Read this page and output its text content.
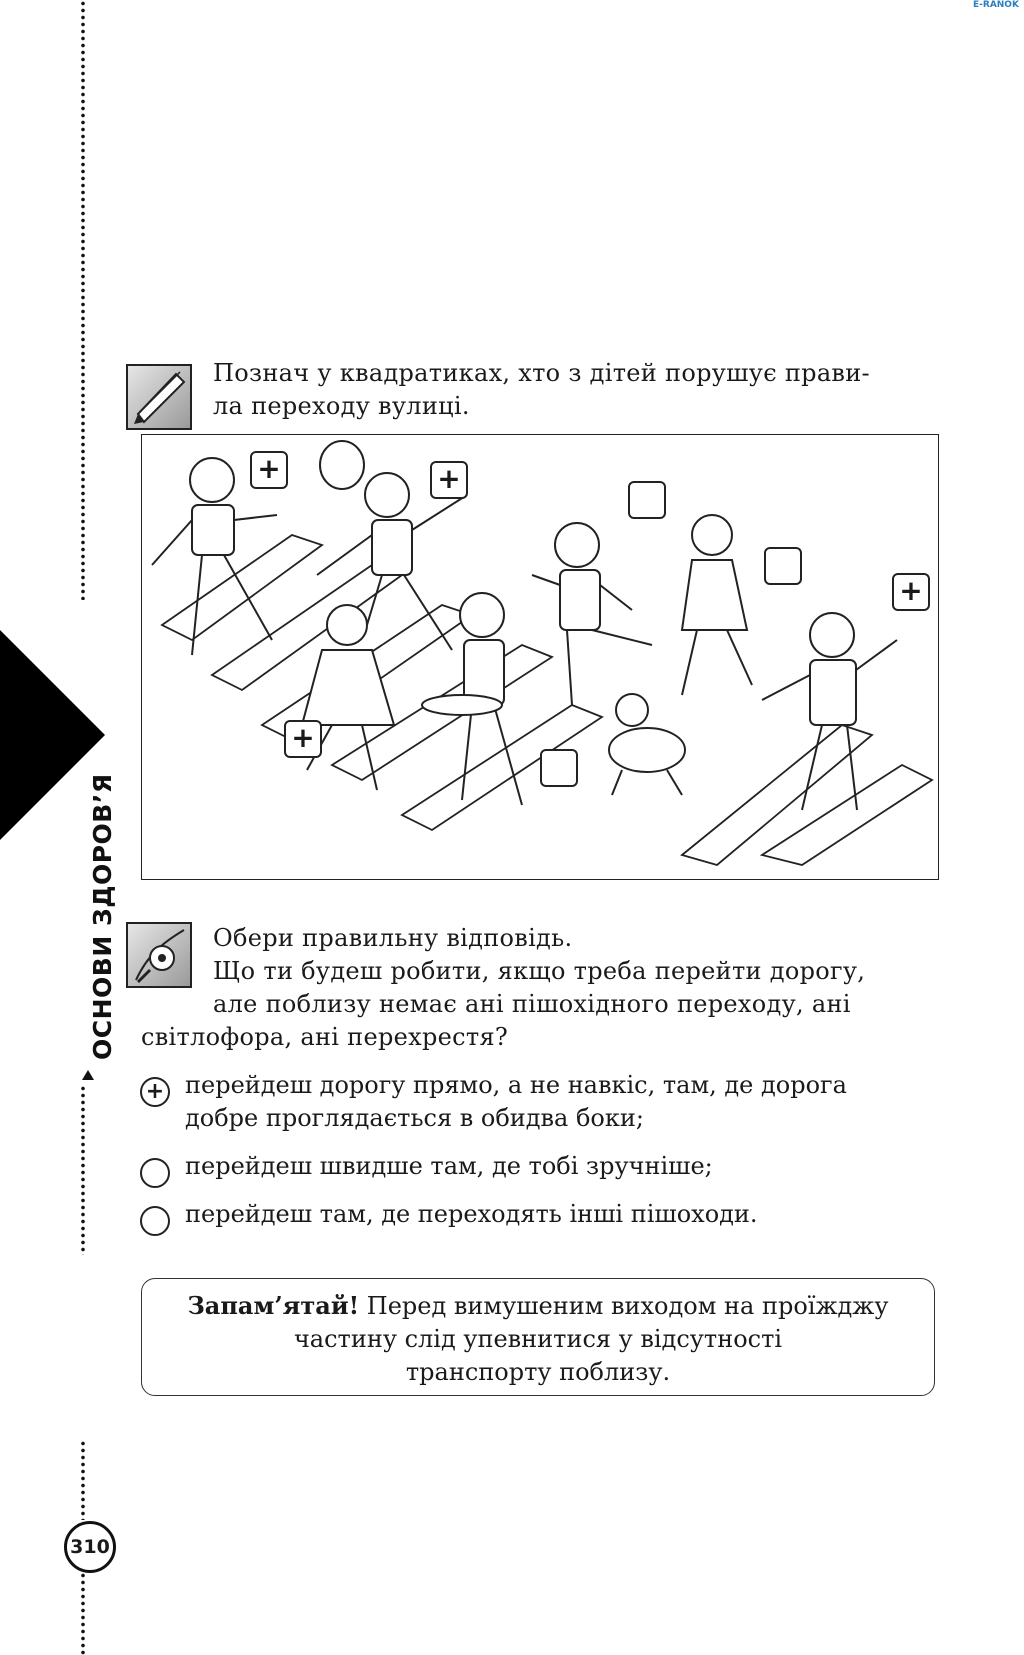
E-RANOK
ОСНОВИ ЗДОРОВ’Я
310
Познач у квадратиках, хто з дітей порушує прави-
ла переходу вулиці.
+	+
+
+
Обери правильну відповідь.
Що ти будеш робити, якщо треба перейти дорогу,
але поблизу немає ані пішохідного переходу, ані
світлофора, ані перехрестя?
+ перейдеш дорогу прямо, а не навкіс, там, де дорога
добре проглядається в обидва боки;
перейдеш швидше там, де тобі зручніше;
перейдеш там, де переходять інші пішоходи.
Запам’ятай! Перед вимушеним виходом на проїжджу
частину слід упевнитися у відсутності
транспорту поблизу.
